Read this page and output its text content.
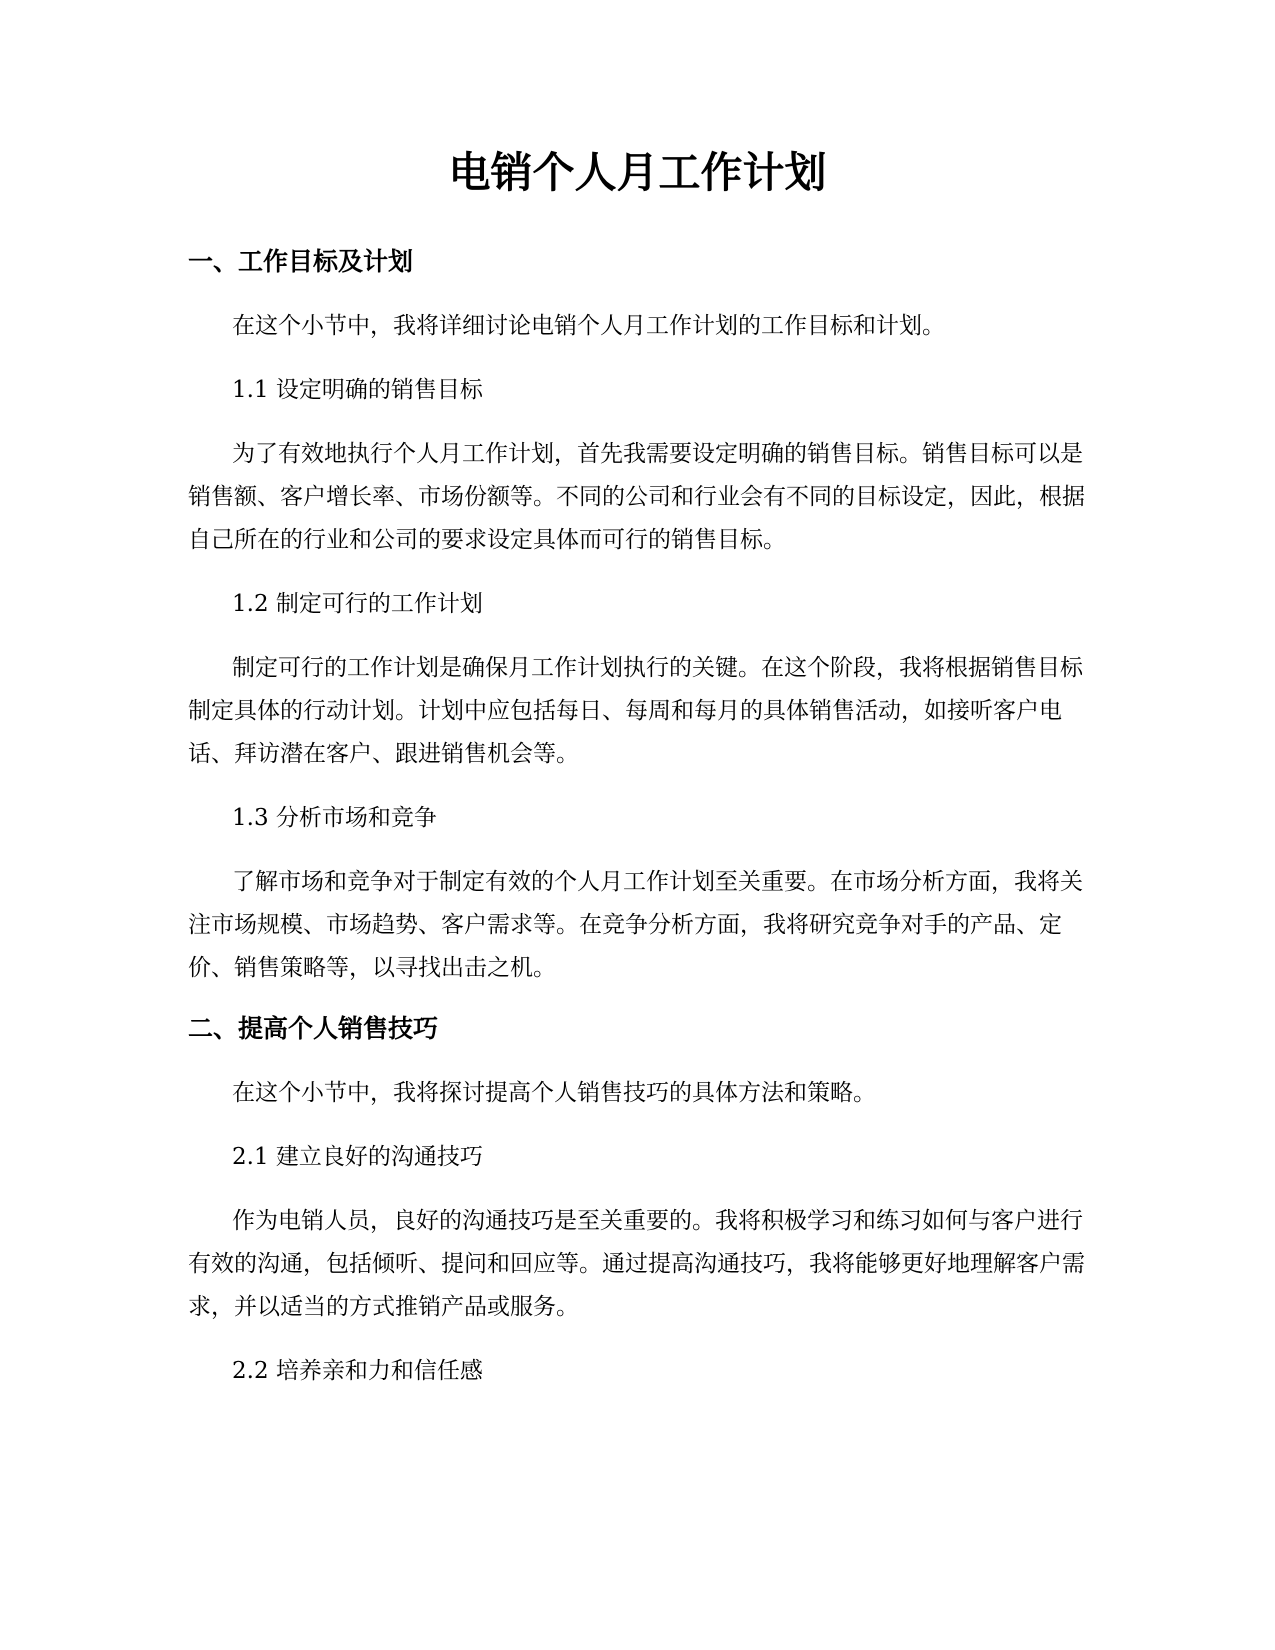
电销个人月工作计划
一、工作目标及计划
在这个小节中，我将详细讨论电销个人月工作计划的工作目标和计划。
1.1 设定明确的销售目标
为了有效地执行个人月工作计划，首先我需要设定明确的销售目标。销售目标可以是销售额、客户增长率、市场份额等。不同的公司和行业会有不同的目标设定，因此，根据自己所在的行业和公司的要求设定具体而可行的销售目标。
1.2 制定可行的工作计划
制定可行的工作计划是确保月工作计划执行的关键。在这个阶段，我将根据销售目标制定具体的行动计划。计划中应包括每日、每周和每月的具体销售活动，如接听客户电话、拜访潜在客户、跟进销售机会等。
1.3 分析市场和竞争
了解市场和竞争对于制定有效的个人月工作计划至关重要。在市场分析方面，我将关注市场规模、市场趋势、客户需求等。在竞争分析方面，我将研究竞争对手的产品、定价、销售策略等，以寻找出击之机。
二、提高个人销售技巧
在这个小节中，我将探讨提高个人销售技巧的具体方法和策略。
2.1 建立良好的沟通技巧
作为电销人员，良好的沟通技巧是至关重要的。我将积极学习和练习如何与客户进行有效的沟通，包括倾听、提问和回应等。通过提高沟通技巧，我将能够更好地理解客户需求，并以适当的方式推销产品或服务。
2.2 培养亲和力和信任感
